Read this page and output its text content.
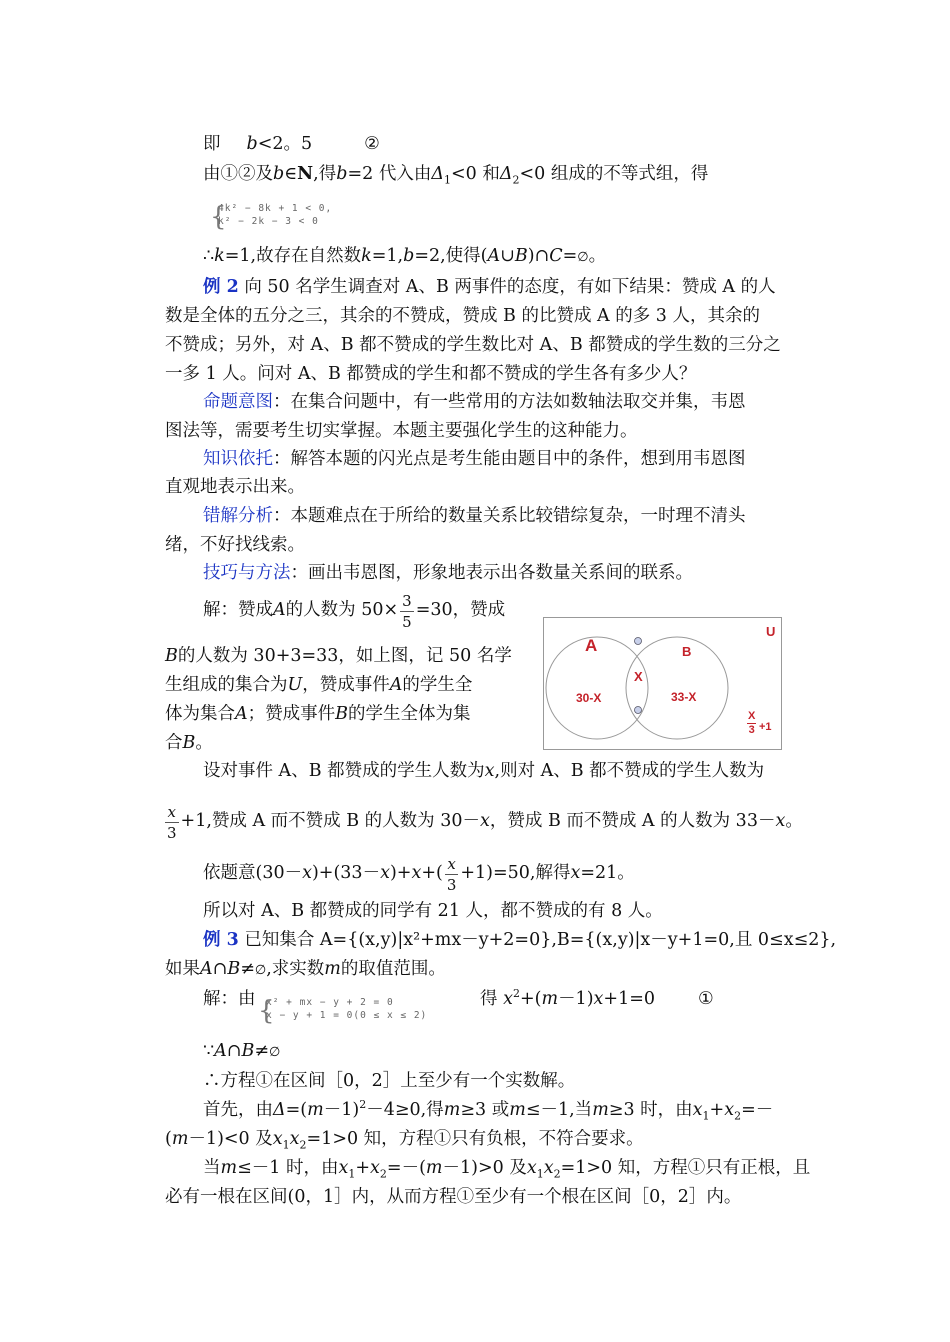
即 b<2。5	②
由①②及b∈N,得b=2 代入由$\Delta_1<0$ 和$\Delta_2<0$ 组成的不等式组，得
{
4k² − 8k + 1 < 0,
k² − 2k − 3 < 0
∴k=1,故存在自然数k=1,b=2,使得(A∪B)∩C=∅。
例 2 向 50 名学生调查对 A、B 两事件的态度，有如下结果：赞成 A 的人
数是全体的五分之三，其余的不赞成，赞成 B 的比赞成 A 的多 3 人，其余的
不赞成；另外，对 A、B 都不赞成的学生数比对 A、B 都赞成的学生数的三分之
一多 1 人。问对 A、B 都赞成的学生和都不赞成的学生各有多少人？
命题意图：在集合问题中，有一些常用的方法如数轴法取交并集，韦恩
图法等，需要考生切实掌握。本题主要强化学生的这种能力。
知识依托：解答本题的闪光点是考生能由题目中的条件，想到用韦恩图
直观地表示出来。
错解分析：本题难点在于所给的数量关系比较错综复杂，一时理不清头
绪，不好找线索。
技巧与方法：画出韦恩图，形象地表示出各数量关系间的联系。
解：赞成A的人数为 $50\times \frac{3}{5} =30$，赞成
B的人数为 30+3=33，如上图，记 50 名学
生组成的集合为U，赞成事件A的学生全
体为集合A；赞成事件B的学生全体为集
合B。
A	B
U
X
30-X	33-X
X
3 +1
设对事件 A、B 都赞成的学生人数为x,则对 A、B 都不赞成的学生人数为
$\frac{x}{3} +1$,赞成 A 而不赞成 B 的人数为 30－x，赞成 B 而不赞成 A 的人数为 33－x。
依题意$(30-x)+(33-x)+x+( \frac{x}{3} +1)=50$,解得x=21。
所以对 A、B 都赞成的同学有 21 人，都不赞成的有 8 人。
例 3 已知集合 A={(x,y)|x²+mx－y+2=0},B={(x,y)|x－y+1=0,且 0≤x≤2},
如果A∩B≠∅,求实数m的取值范围。
解：由 {
x² + mx − y + 2 = 0
x − y + 1 = 0(0 ≤ x ≤ 2)
得 $x^2+(m-1)x+1=0$ ①
∵A∩B≠∅
∴方程①在区间［0，2］上至少有一个实数解。
首先，由$\Delta=(m-1)^2-4\ge 0$,得m≥3 或m≤－1,当m≥3 时，由$x_1+x_2=-$
(m－1)<0 及$x_1x_2=1>0$ 知，方程①只有负根，不符合要求。
当m≤－1 时，由$x_1+x_2=-(m-1)>0$ 及$x_1x_2=1>0$ 知，方程①只有正根，且
必有一根在区间(0，1］内，从而方程①至少有一个根在区间［0，2］内。
